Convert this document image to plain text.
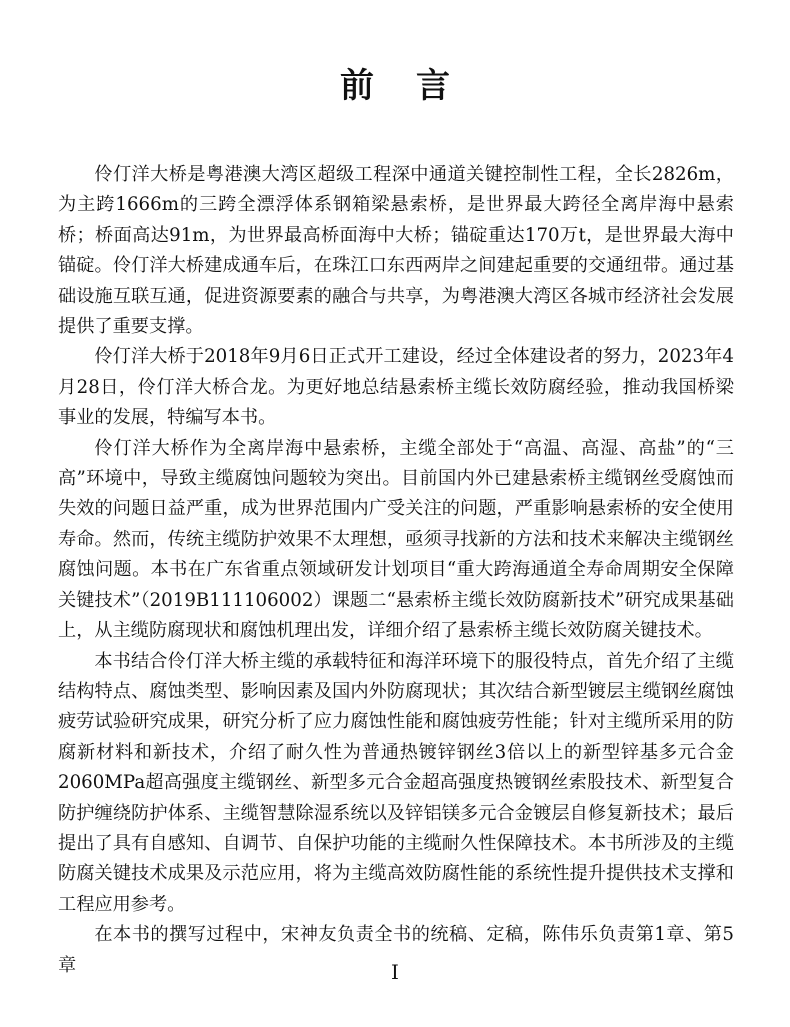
前言

伶仃洋大桥是粤港澳大湾区超级工程深中通道关键控制性工程，全长2826m，为主跨1666m的三跨全漂浮体系钢箱梁悬索桥，是世界最大跨径全离岸海中悬索桥；桥面高达91m，为世界最高桥面海中大桥；锚碇重达170万t，是世界最大海中锚碇。伶仃洋大桥建成通车后，在珠江口东西两岸之间建起重要的交通纽带。通过基础设施互联互通，促进资源要素的融合与共享，为粤港澳大湾区各城市经济社会发展提供了重要支撑。

伶仃洋大桥于2018年9月6日正式开工建设，经过全体建设者的努力，2023年4月28日，伶仃洋大桥合龙。为更好地总结悬索桥主缆长效防腐经验，推动我国桥梁事业的发展，特编写本书。

伶仃洋大桥作为全离岸海中悬索桥，主缆全部处于“高温、高湿、高盐”的“三高”环境中，导致主缆腐蚀问题较为突出。目前国内外已建悬索桥主缆钢丝受腐蚀而失效的问题日益严重，成为世界范围内广受关注的问题，严重影响悬索桥的安全使用寿命。然而，传统主缆防护效果不太理想，亟须寻找新的方法和技术来解决主缆钢丝腐蚀问题。本书在广东省重点领域研发计划项目“重大跨海通道全寿命周期安全保障关键技术”（2019B111106002）课题二“悬索桥主缆长效防腐新技术”研究成果基础上，从主缆防腐现状和腐蚀机理出发，详细介绍了悬索桥主缆长效防腐关键技术。

本书结合伶仃洋大桥主缆的承载特征和海洋环境下的服役特点，首先介绍了主缆结构特点、腐蚀类型、影响因素及国内外防腐现状；其次结合新型镀层主缆钢丝腐蚀疲劳试验研究成果，研究分析了应力腐蚀性能和腐蚀疲劳性能；针对主缆所采用的防腐新材料和新技术，介绍了耐久性为普通热镀锌钢丝3倍以上的新型锌基多元合金2060MPa超高强度主缆钢丝、新型多元合金超高强度热镀钢丝索股技术、新型复合防护缠绕防护体系、主缆智慧除湿系统以及锌铝镁多元合金镀层自修复新技术；最后提出了具有自感知、自调节、自保护功能的主缆耐久性保障技术。本书所涉及的主缆防腐关键技术成果及示范应用，将为主缆高效防腐性能的系统性提升提供技术支撑和工程应用参考。

在本书的撰写过程中，宋神友负责全书的统稿、定稿，陈伟乐负责第1章、第5章	I
